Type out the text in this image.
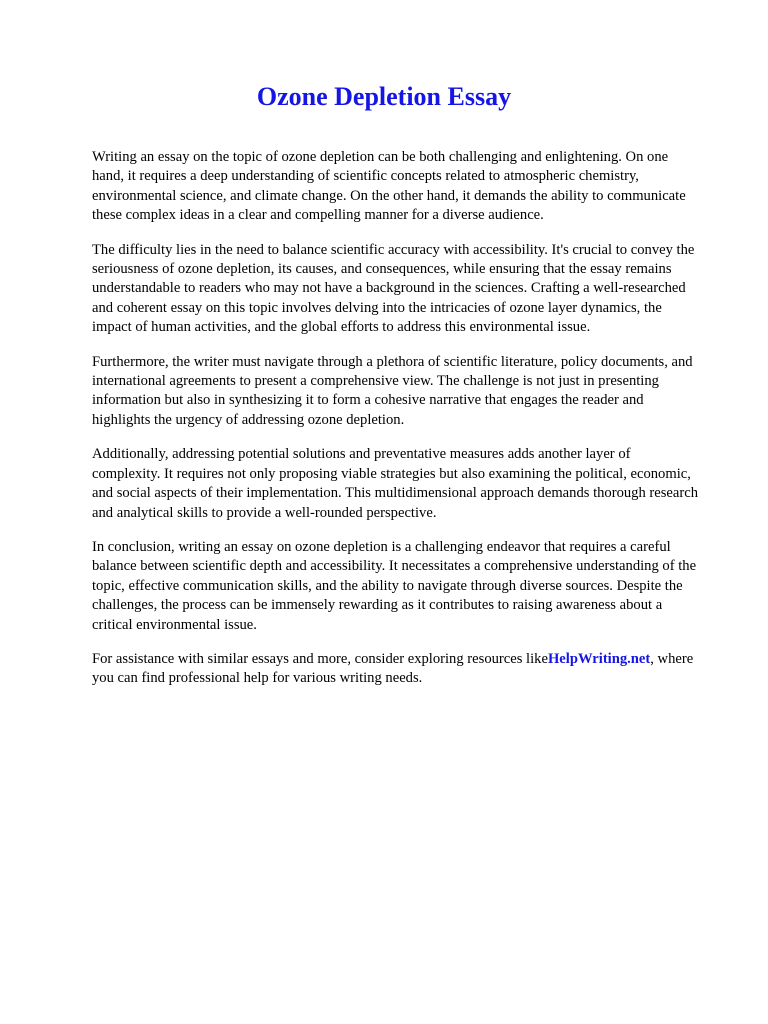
Ozone Depletion Essay

Writing an essay on the topic of ozone depletion can be both challenging and enlightening. On one hand, it requires a deep understanding of scientific concepts related to atmospheric chemistry, environmental science, and climate change. On the other hand, it demands the ability to communicate these complex ideas in a clear and compelling manner for a diverse audience.

The difficulty lies in the need to balance scientific accuracy with accessibility. It's crucial to convey the seriousness of ozone depletion, its causes, and consequences, while ensuring that the essay remains understandable to readers who may not have a background in the sciences. Crafting a well-researched and coherent essay on this topic involves delving into the intricacies of ozone layer dynamics, the impact of human activities, and the global efforts to address this environmental issue.

Furthermore, the writer must navigate through a plethora of scientific literature, policy documents, and international agreements to present a comprehensive view. The challenge is not just in presenting information but also in synthesizing it to form a cohesive narrative that engages the reader and highlights the urgency of addressing ozone depletion.

Additionally, addressing potential solutions and preventative measures adds another layer of complexity. It requires not only proposing viable strategies but also examining the political, economic, and social aspects of their implementation. This multidimensional approach demands thorough research and analytical skills to provide a well-rounded perspective.

In conclusion, writing an essay on ozone depletion is a challenging endeavor that requires a careful balance between scientific depth and accessibility. It necessitates a comprehensive understanding of the topic, effective communication skills, and the ability to navigate through diverse sources. Despite the challenges, the process can be immensely rewarding as it contributes to raising awareness about a critical environmental issue.

For assistance with similar essays and more, consider exploring resources likeHelpWriting.net, where you can find professional help for various writing needs.
